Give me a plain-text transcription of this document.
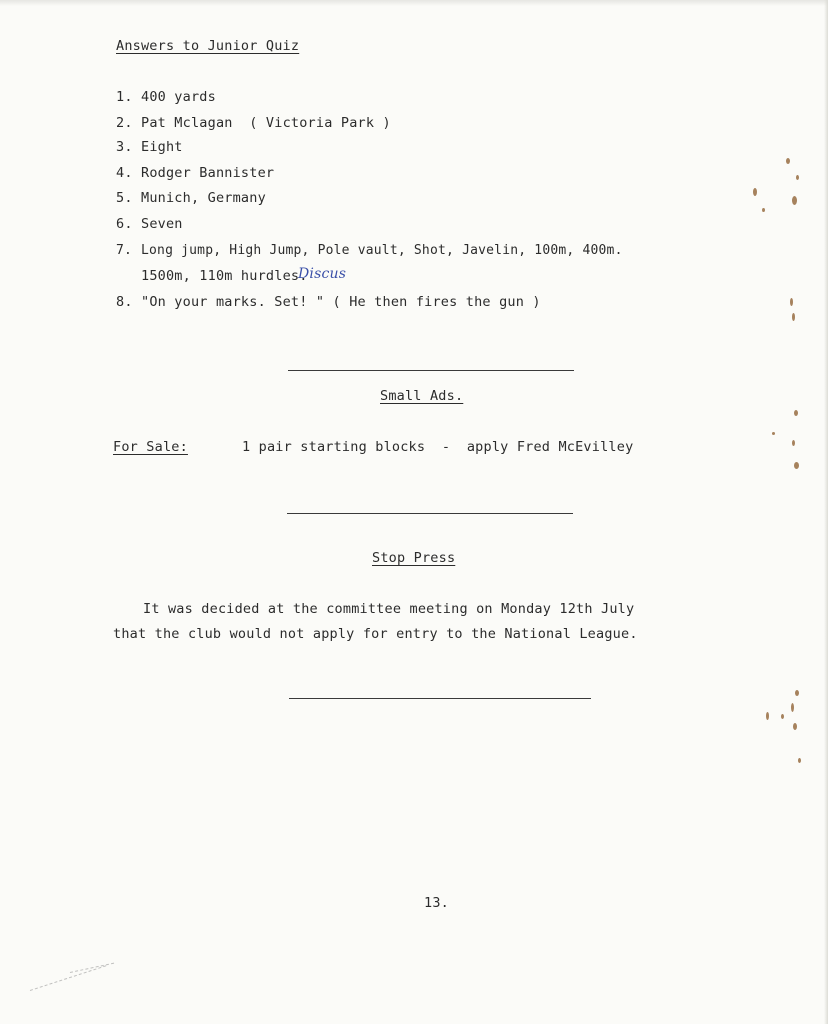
Answers to Junior Quiz
1. 400 yards
2. Pat Mclagan  ( Victoria Park )
3. Eight
4. Rodger Bannister
5. Munich, Germany
6. Seven
7. Long jump, High Jump, Pole vault, Shot, Javelin, 100m, 400m.
1500m, 110m hurdles.
Discus
8. "On your marks. Set! " ( He then fires the gun )
Small Ads.
For Sale:	1 pair starting blocks  -  apply Fred McEvilley
Stop Press
It was decided at the committee meeting on Monday 12th July
that the club would not apply for entry to the National League.
13.
